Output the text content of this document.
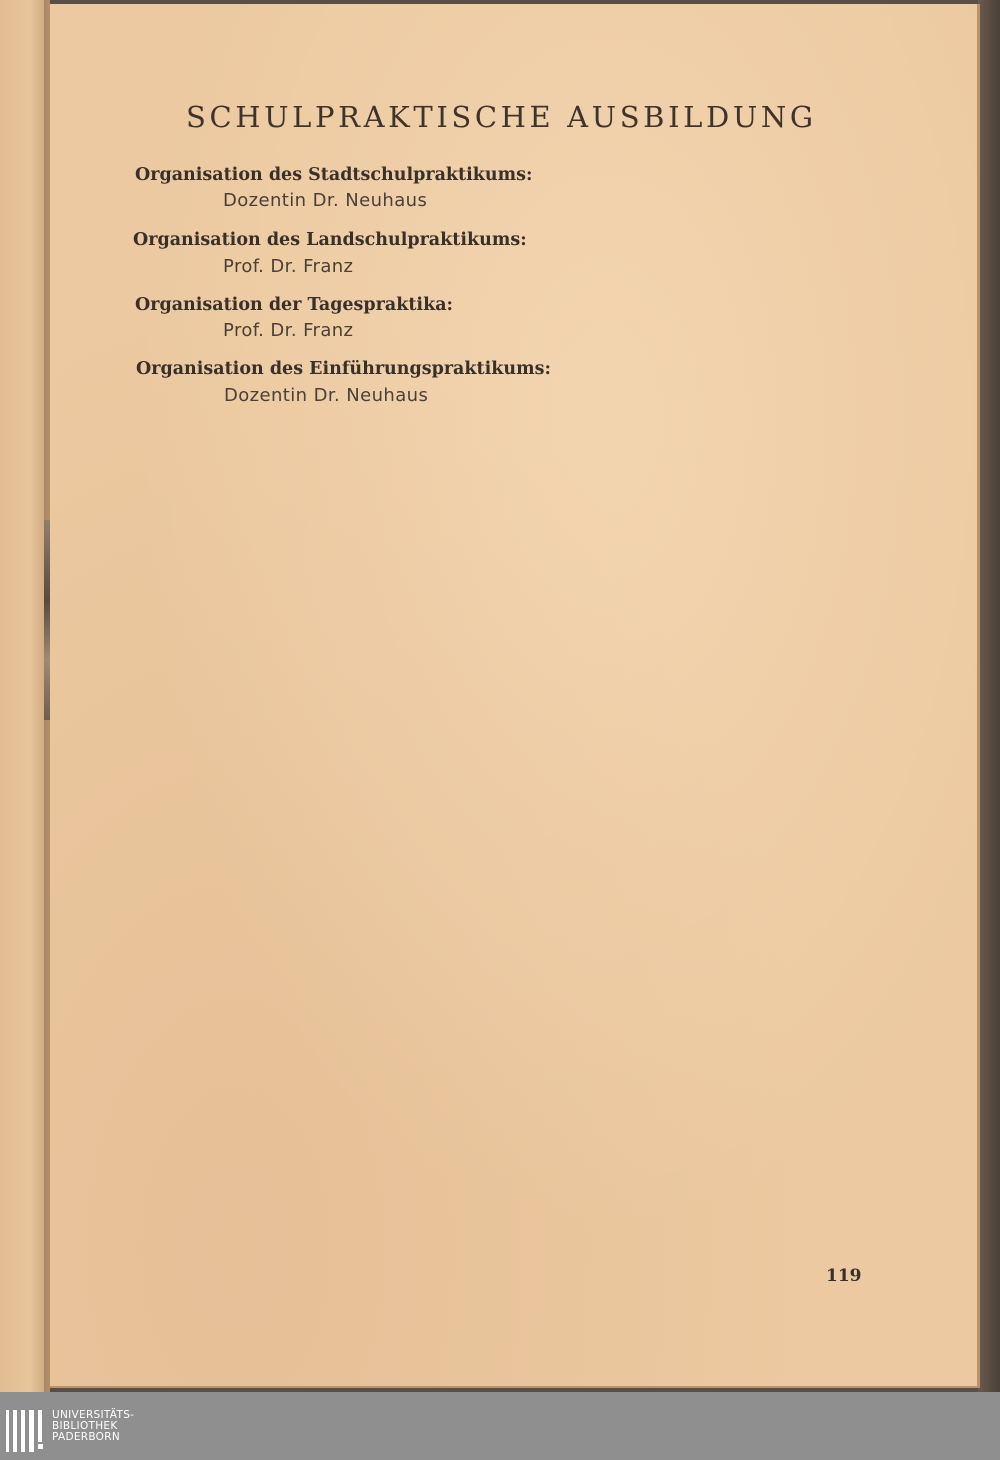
SCHULPRAKTISCHE AUSBILDUNG
Organisation des Stadtschulpraktikums:
Dozentin Dr. Neuhaus
Organisation des Landschulpraktikums:
Prof. Dr. Franz
Organisation der Tagespraktika:
Prof. Dr. Franz
Organisation des Einführungspraktikums:
Dozentin Dr. Neuhaus
119
UNIVERSITÄTS-
BIBLIOTHEK
PADERBORN
